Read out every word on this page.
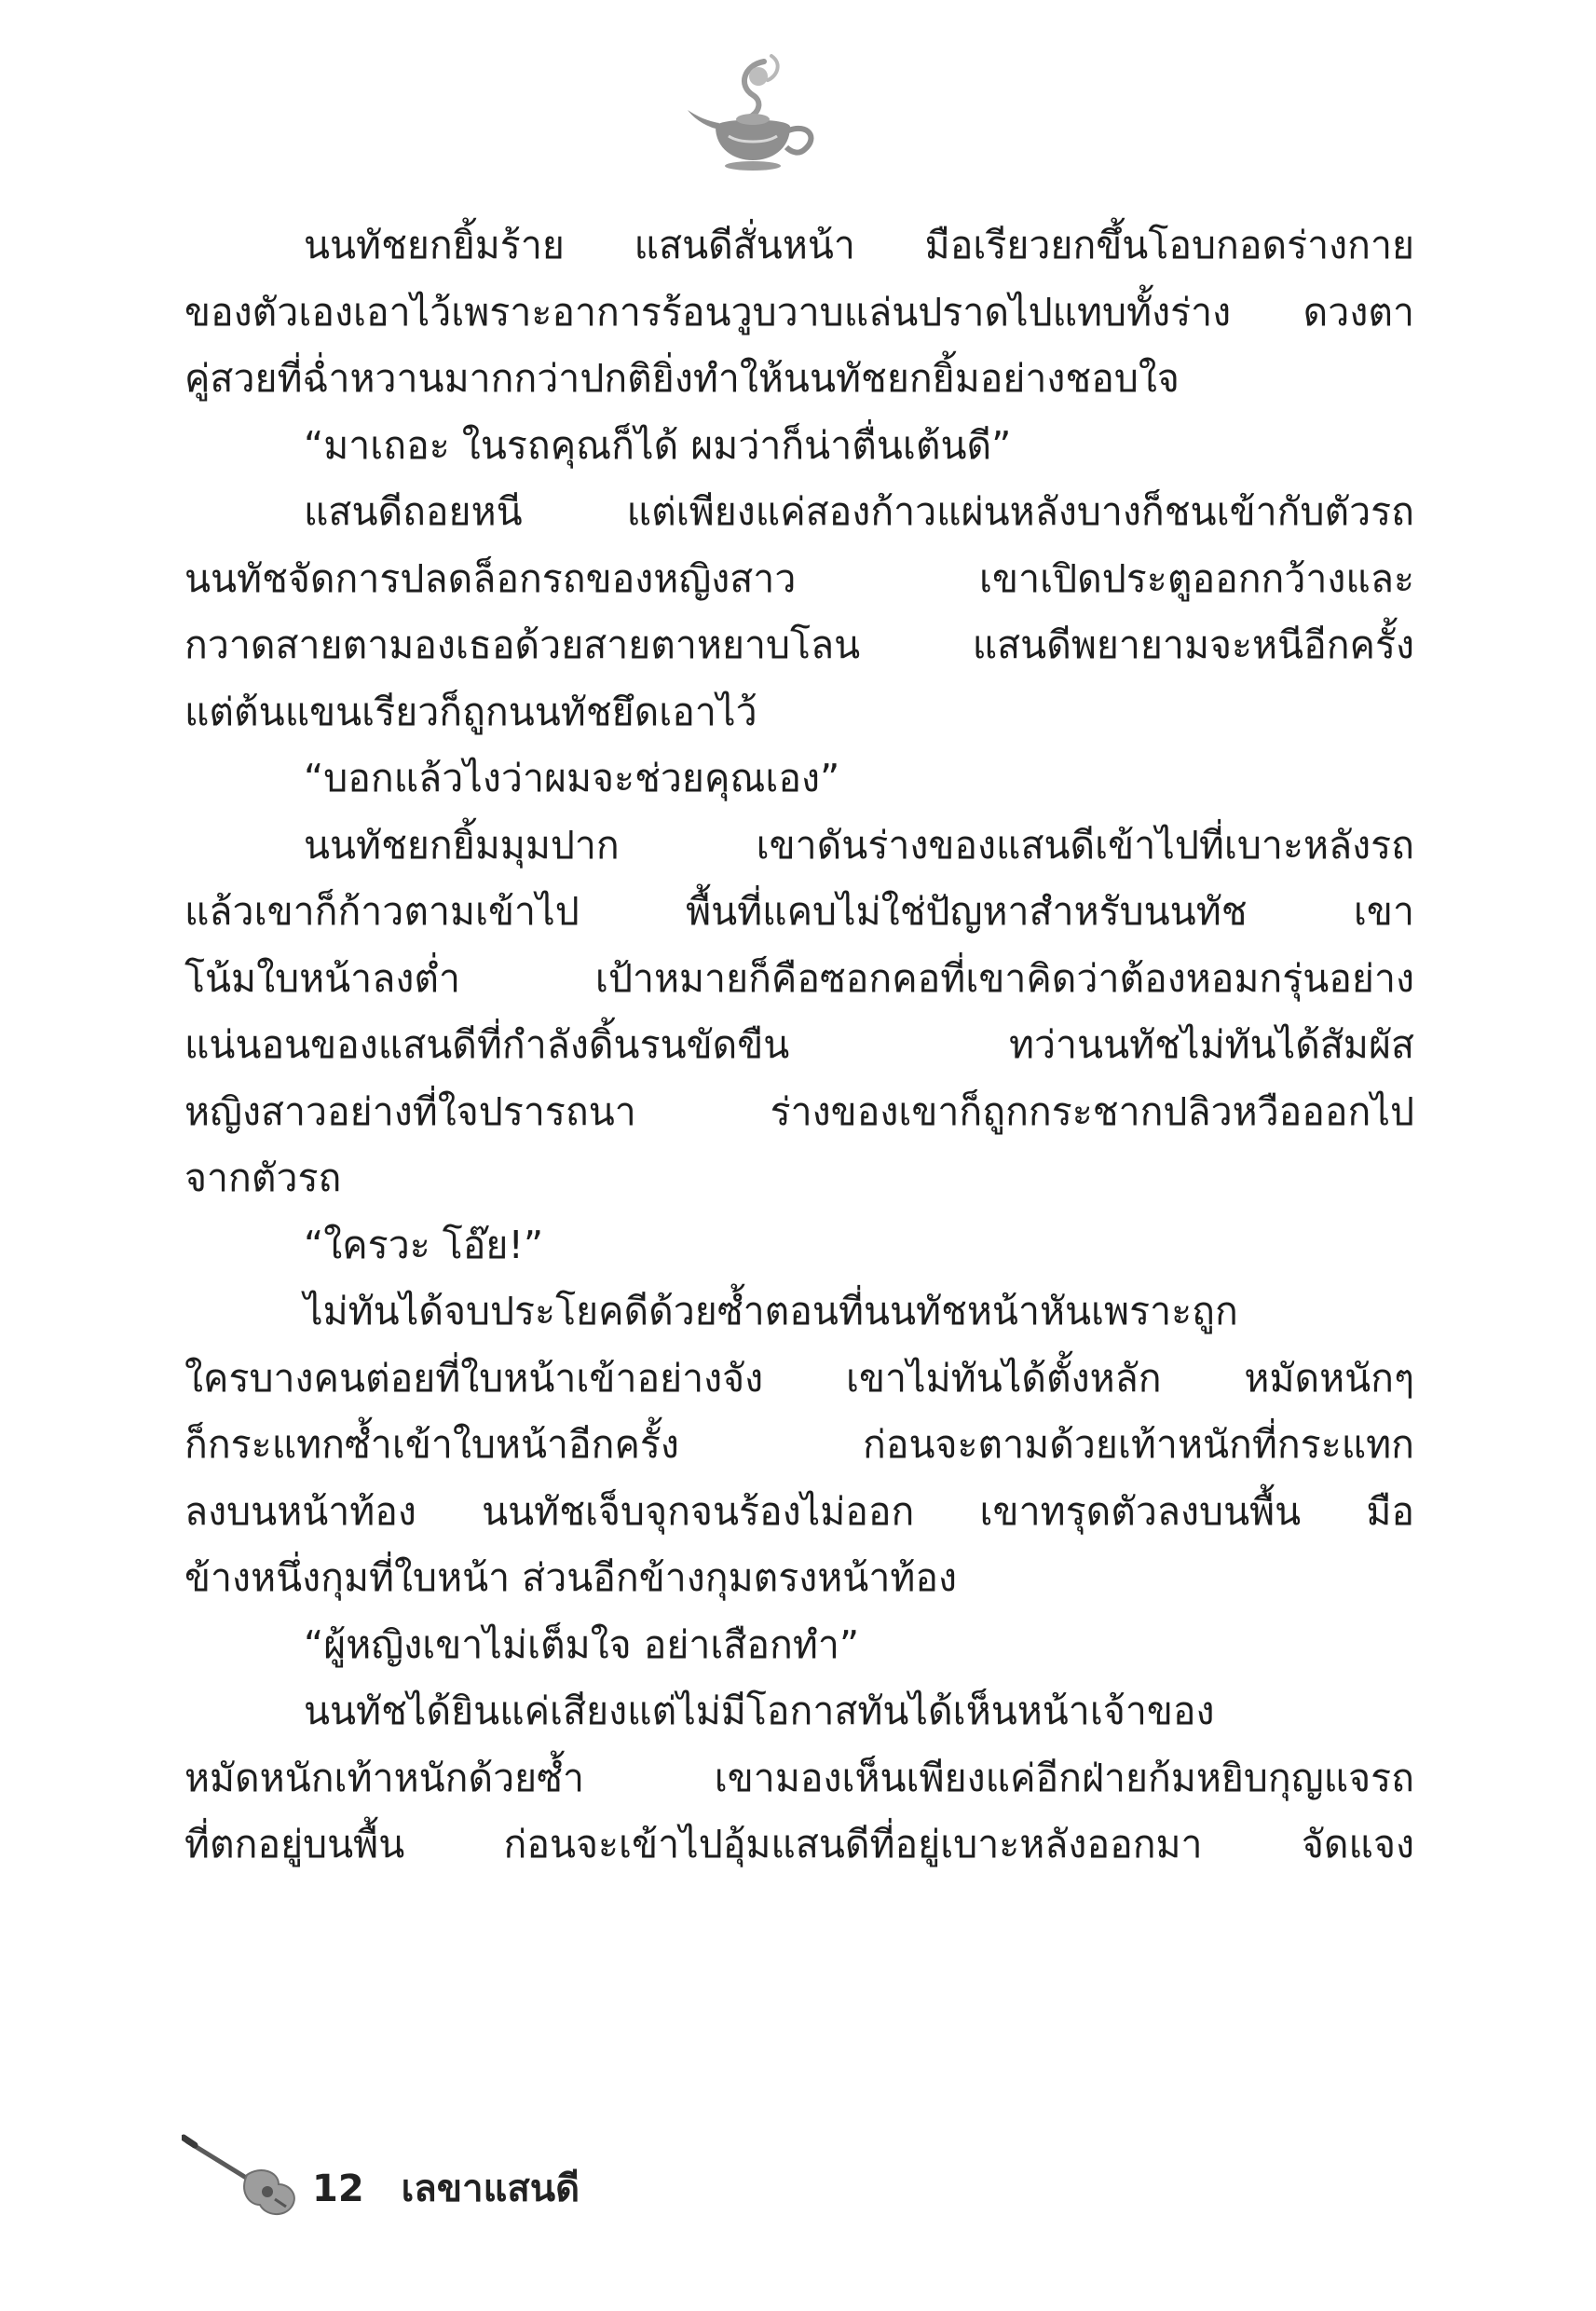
นนทัชยกยิ้มร้าย แสนดีสั่นหน้า มือเรียวยกขึ้นโอบกอดร่างกาย
ของตัวเองเอาไว้เพราะอาการร้อนวูบวาบแล่นปราดไปแทบทั้งร่าง ดวงตา
คู่สวยที่ฉ่ำหวานมากกว่าปกติยิ่งทำให้นนทัชยกยิ้มอย่างชอบใจ
“มาเถอะ ในรถคุณก็ได้ ผมว่าก็น่าตื่นเต้นดี”
แสนดีถอยหนี แต่เพียงแค่สองก้าวแผ่นหลังบางก็ชนเข้ากับตัวรถ
นนทัชจัดการปลดล็อกรถของหญิงสาว เขาเปิดประตูออกกว้างและ
กวาดสายตามองเธอด้วยสายตาหยาบโลน แสนดีพยายามจะหนีอีกครั้ง
แต่ต้นแขนเรียวก็ถูกนนทัชยึดเอาไว้
“บอกแล้วไงว่าผมจะช่วยคุณเอง”
นนทัชยกยิ้มมุมปาก เขาดันร่างของแสนดีเข้าไปที่เบาะหลังรถ
แล้วเขาก็ก้าวตามเข้าไป พื้นที่แคบไม่ใช่ปัญหาสำหรับนนทัช เขา
โน้มใบหน้าลงต่ำ เป้าหมายก็คือซอกคอที่เขาคิดว่าต้องหอมกรุ่นอย่าง
แน่นอนของแสนดีที่กำลังดิ้นรนขัดขืน ทว่านนทัชไม่ทันได้สัมผัส
หญิงสาวอย่างที่ใจปรารถนา ร่างของเขาก็ถูกกระชากปลิวหวือออกไป
จากตัวรถ
“ใครวะ โอ๊ย!”
ไม่ทันได้จบประโยคดีด้วยซ้ำตอนที่นนทัชหน้าหันเพราะถูก
ใครบางคนต่อยที่ใบหน้าเข้าอย่างจัง เขาไม่ทันได้ตั้งหลัก หมัดหนักๆ
ก็กระแทกซ้ำเข้าใบหน้าอีกครั้ง ก่อนจะตามด้วยเท้าหนักที่กระแทก
ลงบนหน้าท้อง นนทัชเจ็บจุกจนร้องไม่ออก เขาทรุดตัวลงบนพื้น มือ
ข้างหนึ่งกุมที่ใบหน้า ส่วนอีกข้างกุมตรงหน้าท้อง
“ผู้หญิงเขาไม่เต็มใจ อย่าเสือกทำ”
นนทัชได้ยินแค่เสียงแต่ไม่มีโอกาสทันได้เห็นหน้าเจ้าของ
หมัดหนักเท้าหนักด้วยซ้ำ เขามองเห็นเพียงแค่อีกฝ่ายก้มหยิบกุญแจรถ
ที่ตกอยู่บนพื้น ก่อนจะเข้าไปอุ้มแสนดีที่อยู่เบาะหลังออกมา จัดแจง
12 เลขาแสนดี
